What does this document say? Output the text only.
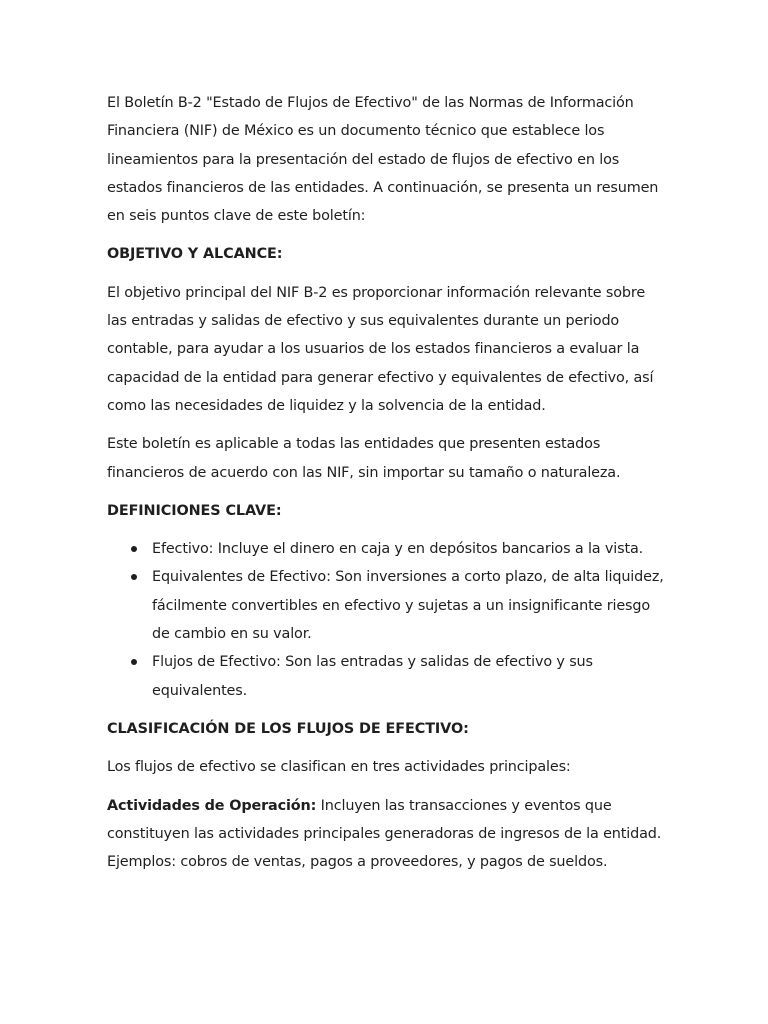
El Boletín B-2 "Estado de Flujos de Efectivo" de las Normas de Información Financiera (NIF) de México es un documento técnico que establece los lineamientos para la presentación del estado de flujos de efectivo en los estados financieros de las entidades. A continuación, se presenta un resumen en seis puntos clave de este boletín:

OBJETIVO Y ALCANCE:

El objetivo principal del NIF B-2 es proporcionar información relevante sobre las entradas y salidas de efectivo y sus equivalentes durante un periodo contable, para ayudar a los usuarios de los estados financieros a evaluar la capacidad de la entidad para generar efectivo y equivalentes de efectivo, así como las necesidades de liquidez y la solvencia de la entidad.

Este boletín es aplicable a todas las entidades que presenten estados financieros de acuerdo con las NIF, sin importar su tamaño o naturaleza.

DEFINICIONES CLAVE:

Efectivo: Incluye el dinero en caja y en depósitos bancarios a la vista.
Equivalentes de Efectivo: Son inversiones a corto plazo, de alta liquidez, fácilmente convertibles en efectivo y sujetas a un insignificante riesgo de cambio en su valor.
Flujos de Efectivo: Son las entradas y salidas de efectivo y sus equivalentes.

CLASIFICACIÓN DE LOS FLUJOS DE EFECTIVO:

Los flujos de efectivo se clasifican en tres actividades principales:

Actividades de Operación: Incluyen las transacciones y eventos que constituyen las actividades principales generadoras de ingresos de la entidad. Ejemplos: cobros de ventas, pagos a proveedores, y pagos de sueldos.
